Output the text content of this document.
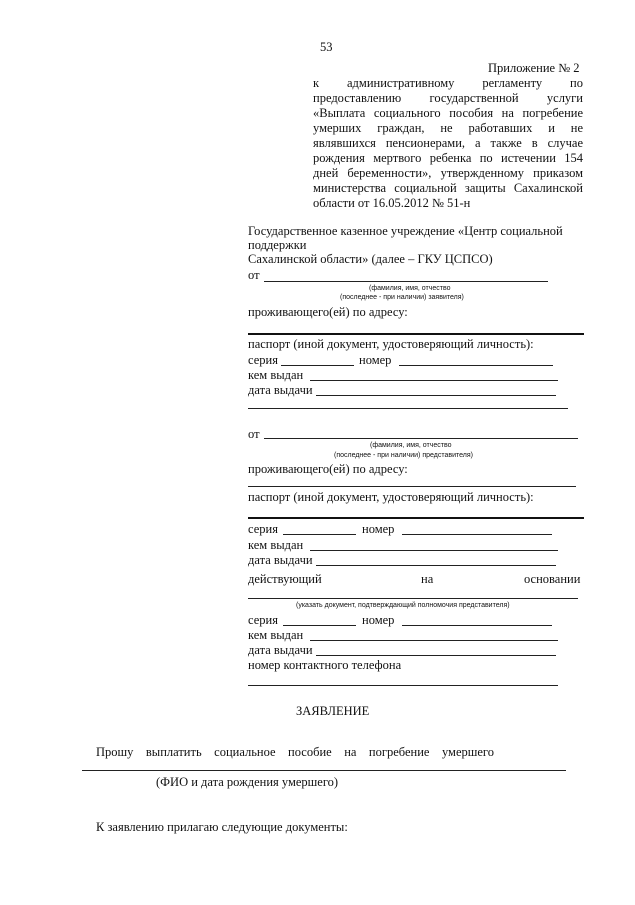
53
Приложение № 2
к административному регламенту по
предоставлению государственной услуги
«Выплата социального пособия на погребение
умерших граждан, не работавших и не
являвшихся пенсионерами, а также в случае
рождения мертвого ребенка по истечении 154
дней беременности», утвержденному приказом
министерства социальной защиты Сахалинской
области от 16.05.2012 № 51-н
Государственное казенное учреждение «Центр социальной
поддержки
Сахалинской области» (далее – ГКУ ЦСПСО)
от
(фамилия, имя, отчество
(последнее - при наличии) заявителя)
проживающего(ей) по адресу:
паспорт (иной документ, удостоверяющий личность):
серия	номер
кем выдан
дата выдачи
от
(фамилия, имя, отчество
(последнее - при наличии) представителя)
проживающего(ей) по адресу:
паспорт (иной документ, удостоверяющий личность):
серия	номер
кем выдан
дата выдачи
действующий	на	основании
(указать документ, подтверждающий полномочия представителя)
серия	номер
кем выдан
дата выдачи
номер контактного телефона
ЗАЯВЛЕНИЕ
Прошу выплатить социальное пособие на погребение умершего
(ФИО и дата рождения умершего)
К заявлению прилагаю следующие документы:
